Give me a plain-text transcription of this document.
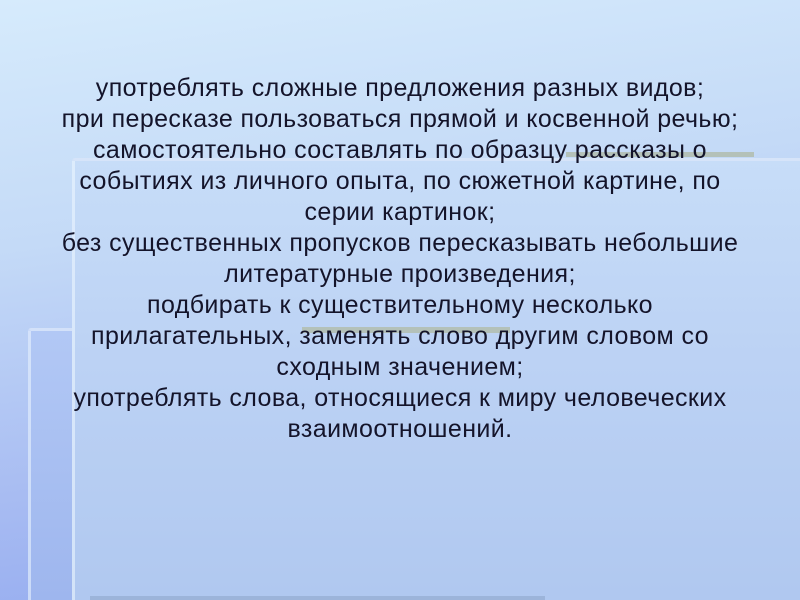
употреблять сложные предложения разных видов;
при пересказе пользоваться прямой и косвенной речью;
самостоятельно составлять по образцу рассказы о
событиях из личного опыта, по сюжетной картине, по
серии картинок;
без существенных пропусков пересказывать небольшие
литературные произведения;
подбирать к существительному несколько
прилагательных, заменять слово другим словом со
сходным значением;
употреблять слова, относящиеся к миру человеческих
взаимоотношений.
